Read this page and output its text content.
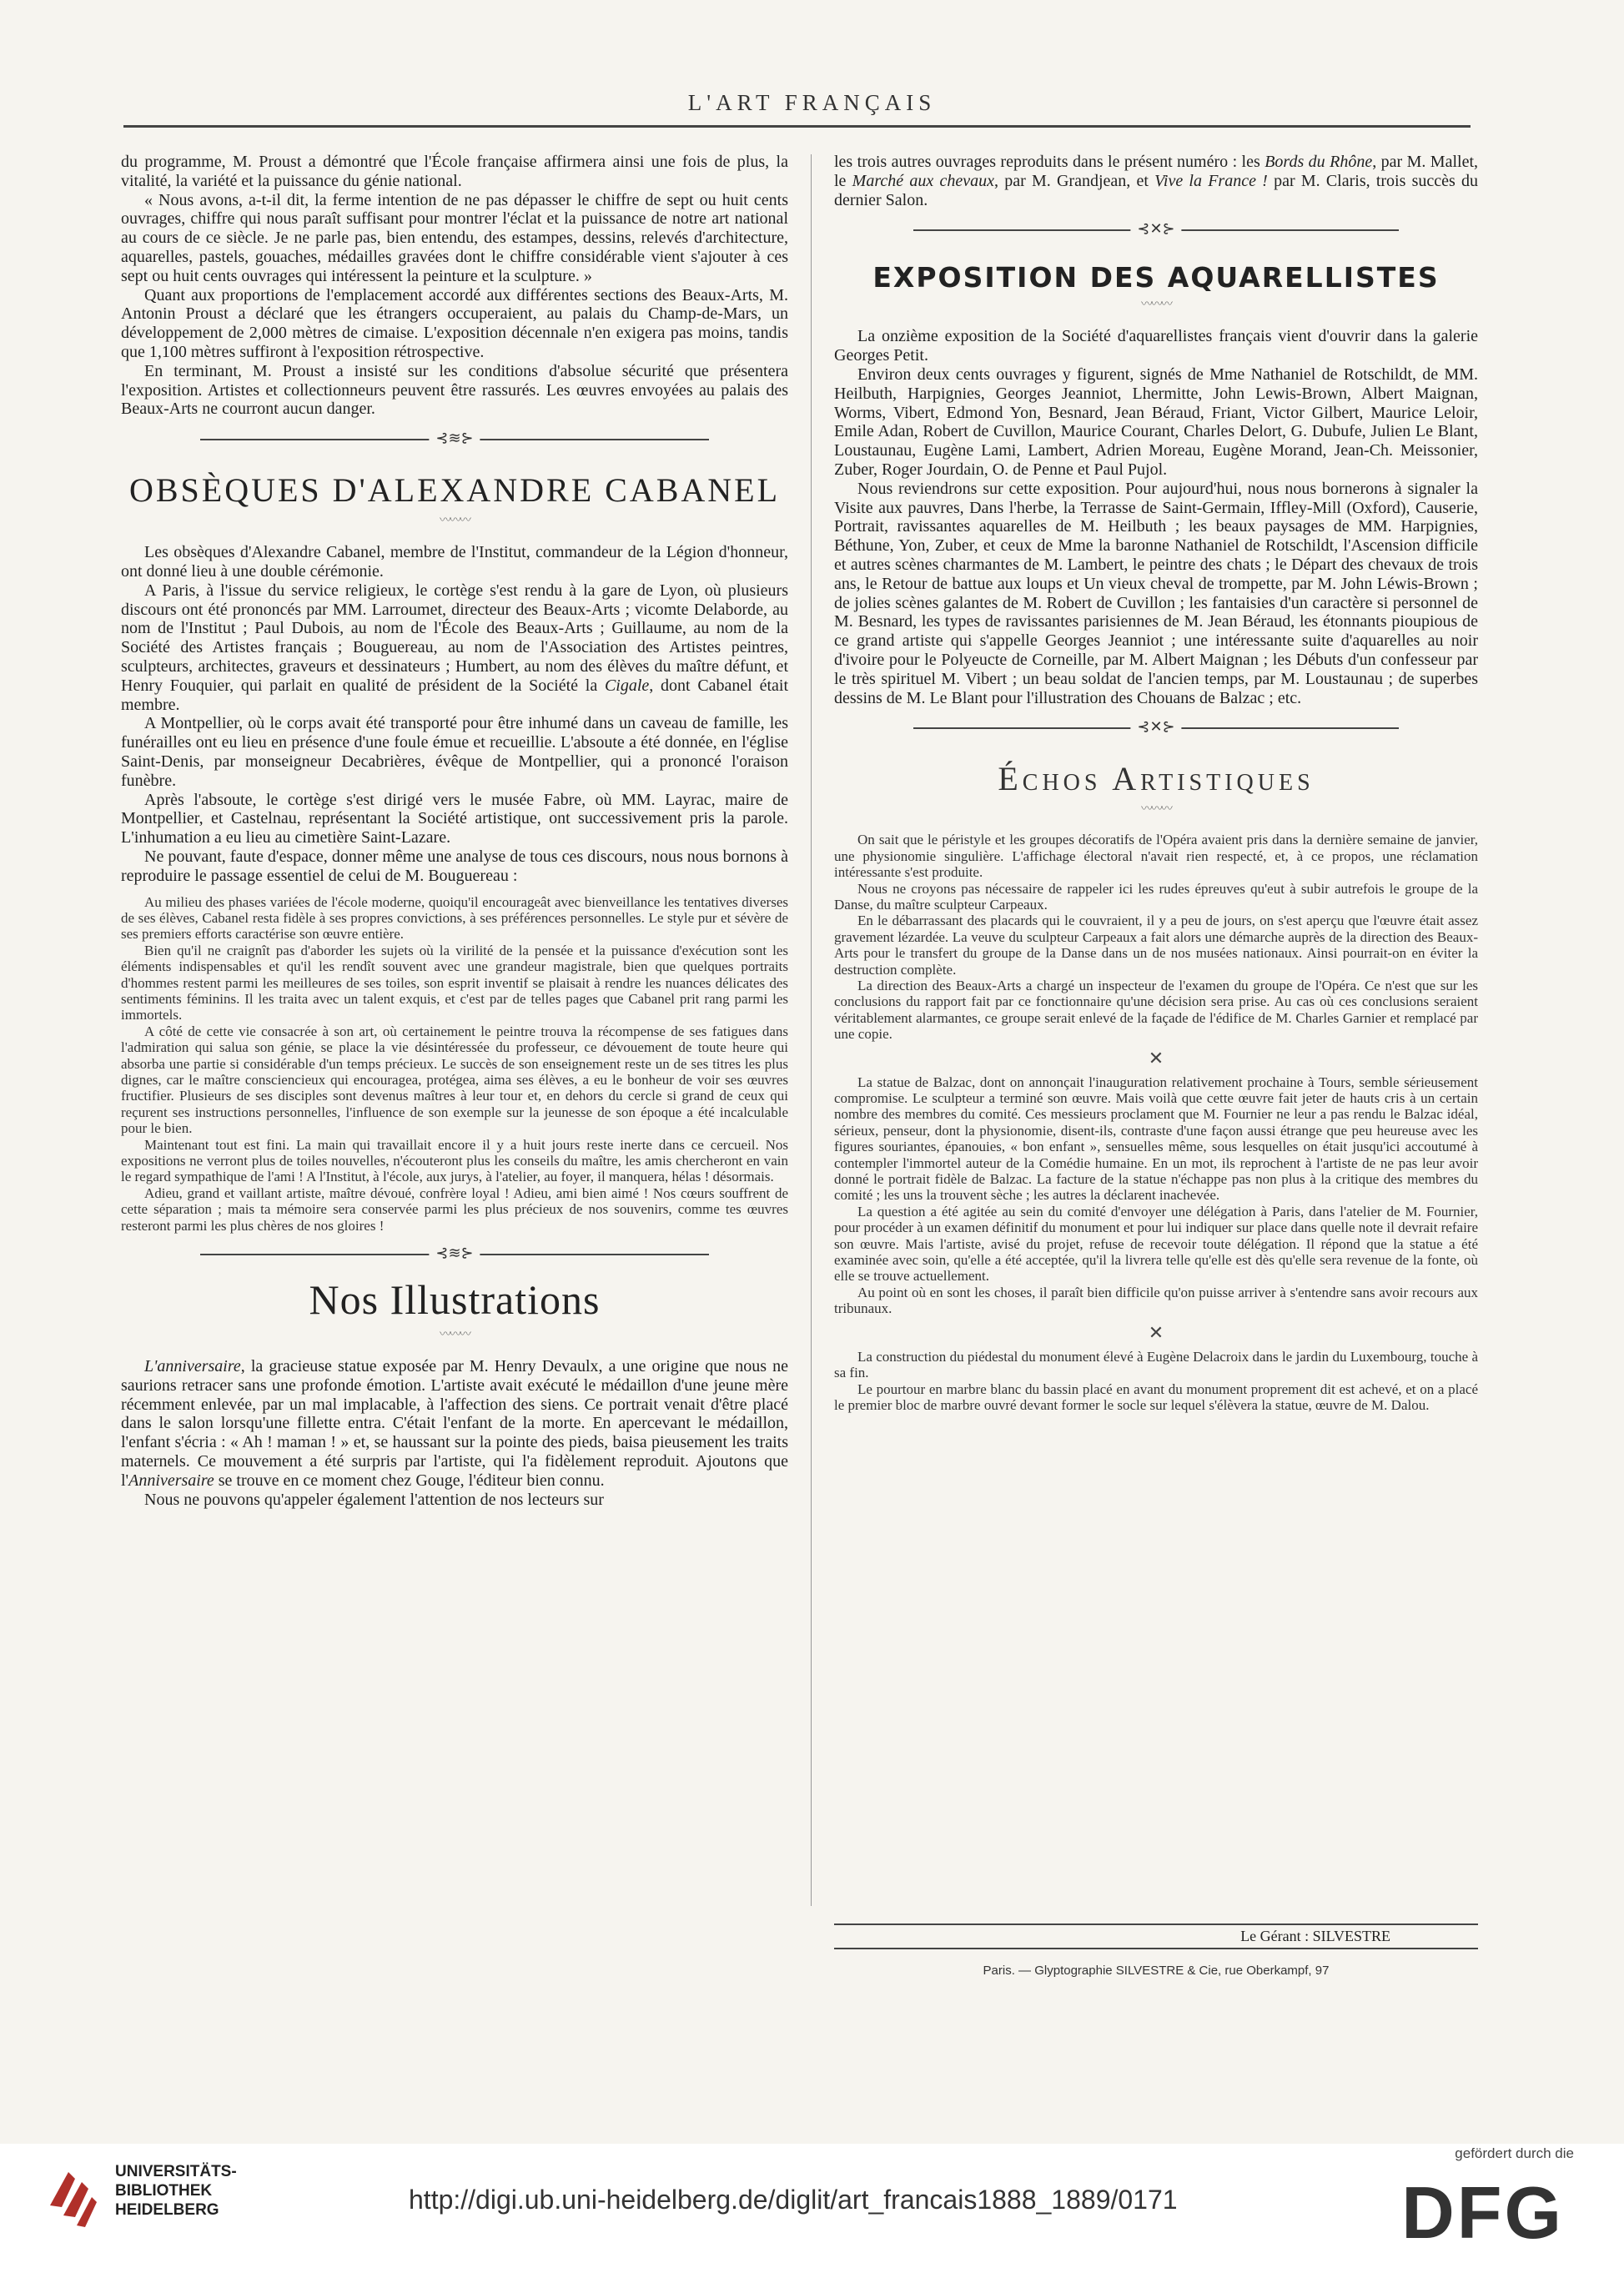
L'ART FRANÇAIS

du programme, M. Proust a démontré que l'École française affirmera ainsi une fois de plus, la vitalité, la variété et la puissance du génie national.

« Nous avons, a-t-il dit, la ferme intention de ne pas dépasser le chiffre de sept ou huit cents ouvrages, chiffre qui nous paraît suffisant pour montrer l'éclat et la puissance de notre art national au cours de ce siècle. Je ne parle pas, bien entendu, des estampes, dessins, relevés d'architecture, aquarelles, pastels, gouaches, médailles gravées dont le chiffre considérable vient s'ajouter à ces sept ou huit cents ouvrages qui intéressent la peinture et la sculpture. »

Quant aux proportions de l'emplacement accordé aux différentes sections des Beaux-Arts, M. Antonin Proust a déclaré que les étrangers occuperaient, au palais du Champ-de-Mars, un développement de 2,000 mètres de cimaise. L'exposition décennale n'en exigera pas moins, tandis que 1,100 mètres suffiront à l'exposition rétrospective.

En terminant, M. Proust a insisté sur les conditions d'absolue sécurité que présentera l'exposition. Artistes et collectionneurs peuvent être rassurés. Les œuvres envoyées au palais des Beaux-Arts ne courront aucun danger.

⊰≋⊱
OBSÈQUES D'ALEXANDRE CABANEL
〰〰〰

Les obsèques d'Alexandre Cabanel, membre de l'Institut, commandeur de la Légion d'honneur, ont donné lieu à une double cérémonie.

A Paris, à l'issue du service religieux, le cortège s'est rendu à la gare de Lyon, où plusieurs discours ont été prononcés par MM. Larroumet, directeur des Beaux-Arts ; vicomte Delaborde, au nom de l'Institut ; Paul Dubois, au nom de l'École des Beaux-Arts ; Guillaume, au nom de la Société des Artistes français ; Bouguereau, au nom de l'Association des Artistes peintres, sculpteurs, architectes, graveurs et dessinateurs ; Humbert, au nom des élèves du maître défunt, et Henry Fouquier, qui parlait en qualité de président de la Société la Cigale, dont Cabanel était membre.

A Montpellier, où le corps avait été transporté pour être inhumé dans un caveau de famille, les funérailles ont eu lieu en présence d'une foule émue et recueillie. L'absoute a été donnée, en l'église Saint-Denis, par monseigneur Decabrières, évêque de Montpellier, qui a prononcé l'oraison funèbre.

Après l'absoute, le cortège s'est dirigé vers le musée Fabre, où MM. Layrac, maire de Montpellier, et Castelnau, représentant la Société artistique, ont successivement pris la parole. L'inhumation a eu lieu au cimetière Saint-Lazare.

Ne pouvant, faute d'espace, donner même une analyse de tous ces discours, nous nous bornons à reproduire le passage essentiel de celui de M. Bouguereau :

Au milieu des phases variées de l'école moderne, quoiqu'il encourageât avec bienveillance les tentatives diverses de ses élèves, Cabanel resta fidèle à ses propres convictions, à ses préférences personnelles. Le style pur et sévère de ses premiers efforts caractérise son œuvre entière.

Bien qu'il ne craignît pas d'aborder les sujets où la virilité de la pensée et la puissance d'exécution sont les éléments indispensables et qu'il les rendît souvent avec une grandeur magistrale, bien que quelques portraits d'hommes restent parmi les meilleures de ses toiles, son esprit inventif se plaisait à rendre les nuances délicates des sentiments féminins. Il les traita avec un talent exquis, et c'est par de telles pages que Cabanel prit rang parmi les immortels.

A côté de cette vie consacrée à son art, où certainement le peintre trouva la récompense de ses fatigues dans l'admiration qui salua son génie, se place la vie désintéressée du professeur, ce dévouement de toute heure qui absorba une partie si considérable d'un temps précieux. Le succès de son enseignement reste un de ses titres les plus dignes, car le maître consciencieux qui encouragea, protégea, aima ses élèves, a eu le bonheur de voir ses œuvres fructifier. Plusieurs de ses disciples sont devenus maîtres à leur tour et, en dehors du cercle si grand de ceux qui reçurent ses instructions personnelles, l'influence de son exemple sur la jeunesse de son époque a été incalculable pour le bien.

Maintenant tout est fini. La main qui travaillait encore il y a huit jours reste inerte dans ce cercueil. Nos expositions ne verront plus de toiles nouvelles, n'écouteront plus les conseils du maître, les amis chercheront en vain le regard sympathique de l'ami ! A l'Institut, à l'école, aux jurys, à l'atelier, au foyer, il manquera, hélas ! désormais.

Adieu, grand et vaillant artiste, maître dévoué, confrère loyal ! Adieu, ami bien aimé ! Nos cœurs souffrent de cette séparation ; mais ta mémoire sera conservée parmi les plus précieux de nos souvenirs, comme tes œuvres resteront parmi les plus chères de nos gloires !

⊰≋⊱
Nos Illustrations
〰〰〰

L'anniversaire, la gracieuse statue exposée par M. Henry Devaulx, a une origine que nous ne saurions retracer sans une profonde émotion. L'artiste avait exécuté le médaillon d'une jeune mère récemment enlevée, par un mal implacable, à l'affection des siens. Ce portrait venait d'être placé dans le salon lorsqu'une fillette entra. C'était l'enfant de la morte. En apercevant le médaillon, l'enfant s'écria : « Ah ! maman ! » et, se haussant sur la pointe des pieds, baisa pieusement les traits maternels. Ce mouvement a été surpris par l'artiste, qui l'a fidèlement reproduit. Ajoutons que l'Anniversaire se trouve en ce moment chez Gouge, l'éditeur bien connu.

Nous ne pouvons qu'appeler également l'attention de nos lecteurs sur

les trois autres ouvrages reproduits dans le présent numéro : les Bords du Rhône, par M. Mallet, le Marché aux chevaux, par M. Grandjean, et Vive la France ! par M. Claris, trois succès du dernier Salon.

⊰✕⊱
EXPOSITION DES AQUARELLISTES
〰〰〰

La onzième exposition de la Société d'aquarellistes français vient d'ouvrir dans la galerie Georges Petit.

Environ deux cents ouvrages y figurent, signés de Mme Nathaniel de Rotschildt, de MM. Heilbuth, Harpignies, Georges Jeanniot, Lhermitte, John Lewis-Brown, Albert Maignan, Worms, Vibert, Edmond Yon, Besnard, Jean Béraud, Friant, Victor Gilbert, Maurice Leloir, Emile Adan, Robert de Cuvillon, Maurice Courant, Charles Delort, G. Dubufe, Julien Le Blant, Loustaunau, Eugène Lami, Lambert, Adrien Moreau, Eugène Morand, Jean-Ch. Meissonier, Zuber, Roger Jourdain, O. de Penne et Paul Pujol.

Nous reviendrons sur cette exposition. Pour aujourd'hui, nous nous bornerons à signaler la Visite aux pauvres, Dans l'herbe, la Terrasse de Saint-Germain, Iffley-Mill (Oxford), Causerie, Portrait, ravissantes aquarelles de M. Heilbuth ; les beaux paysages de MM. Harpignies, Béthune, Yon, Zuber, et ceux de Mme la baronne Nathaniel de Rotschildt, l'Ascension difficile et autres scènes charmantes de M. Lambert, le peintre des chats ; le Départ des chevaux de trois ans, le Retour de battue aux loups et Un vieux cheval de trompette, par M. John Léwis-Brown ; de jolies scènes galantes de M. Robert de Cuvillon ; les fantaisies d'un caractère si personnel de M. Besnard, les types de ravissantes parisiennes de M. Jean Béraud, les étonnants pioupious de ce grand artiste qui s'appelle Georges Jeanniot ; une intéressante suite d'aquarelles au noir d'ivoire pour le Polyeucte de Corneille, par M. Albert Maignan ; les Débuts d'un confesseur par le très spirituel M. Vibert ; un beau soldat de l'ancien temps, par M. Loustaunau ; de superbes dessins de M. Le Blant pour l'illustration des Chouans de Balzac ; etc.

⊰✕⊱
Échos Artistiques
〰〰〰

On sait que le péristyle et les groupes décoratifs de l'Opéra avaient pris dans la dernière semaine de janvier, une physionomie singulière. L'affichage électoral n'avait rien respecté, et, à ce propos, une réclamation intéressante s'est produite.

Nous ne croyons pas nécessaire de rappeler ici les rudes épreuves qu'eut à subir autrefois le groupe de la Danse, du maître sculpteur Carpeaux.

En le débarrassant des placards qui le couvraient, il y a peu de jours, on s'est aperçu que l'œuvre était assez gravement lézardée. La veuve du sculpteur Carpeaux a fait alors une démarche auprès de la direction des Beaux-Arts pour le transfert du groupe de la Danse dans un de nos musées nationaux. Ainsi pourrait-on en éviter la destruction complète.

La direction des Beaux-Arts a chargé un inspecteur de l'examen du groupe de l'Opéra. Ce n'est que sur les conclusions du rapport fait par ce fonctionnaire qu'une décision sera prise. Au cas où ces conclusions seraient véritablement alarmantes, ce groupe serait enlevé de la façade de l'édifice de M. Charles Garnier et remplacé par une copie.

✕

La statue de Balzac, dont on annonçait l'inauguration relativement prochaine à Tours, semble sérieusement compromise. Le sculpteur a terminé son œuvre. Mais voilà que cette œuvre fait jeter de hauts cris à un certain nombre des membres du comité. Ces messieurs proclament que M. Fournier ne leur a pas rendu le Balzac idéal, sérieux, penseur, dont la physionomie, disent-ils, contraste d'une façon aussi étrange que peu heureuse avec les figures souriantes, épanouies, « bon enfant », sensuelles même, sous lesquelles on était jusqu'ici accoutumé à contempler l'immortel auteur de la Comédie humaine. En un mot, ils reprochent à l'artiste de ne pas leur avoir donné le portrait fidèle de Balzac. La facture de la statue n'échappe pas non plus à la critique des membres du comité ; les uns la trouvent sèche ; les autres la déclarent inachevée.

La question a été agitée au sein du comité d'envoyer une délégation à Paris, dans l'atelier de M. Fournier, pour procéder à un examen définitif du monument et pour lui indiquer sur place dans quelle note il devrait refaire son œuvre. Mais l'artiste, avisé du projet, refuse de recevoir toute délégation. Il répond que la statue a été examinée avec soin, qu'elle a été acceptée, qu'il la livrera telle qu'elle est dès qu'elle sera revenue de la fonte, où elle se trouve actuellement.

Au point où en sont les choses, il paraît bien difficile qu'on puisse arriver à s'entendre sans avoir recours aux tribunaux.

✕

La construction du piédestal du monument élevé à Eugène Delacroix dans le jardin du Luxembourg, touche à sa fin.

Le pourtour en marbre blanc du bassin placé en avant du monument proprement dit est achevé, et on a placé le premier bloc de marbre ouvré devant former le socle sur lequel s'élèvera la statue, œuvre de M. Dalou.

Le Gérant : SILVESTRE
Paris. — Glyptographie SILVESTRE & Cie, rue Oberkampf, 97
UNIVERSITÄTS-
BIBLIOTHEK
HEIDELBERG	http://digi.ub.uni-heidelberg.de/diglit/art_francais1888_1889/0171
gefördert durch die
DFG
